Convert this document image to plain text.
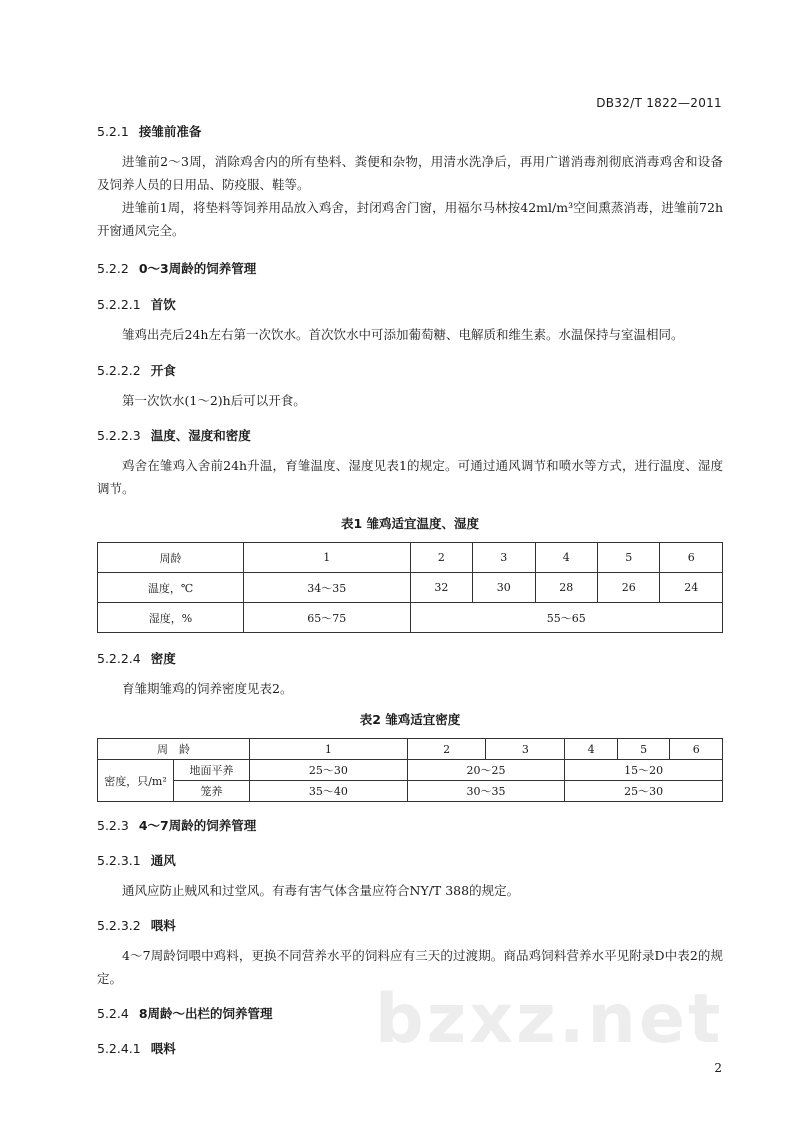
DB32/T 1822—2011
5.2.1 接雏前准备

进雏前2～3周，消除鸡舍内的所有垫料、粪便和杂物，用清水洗净后，再用广谱消毒剂彻底消毒鸡舍和设备及饲养人员的日用品、防疫服、鞋等。

进雏前1周，将垫料等饲养用品放入鸡舍，封闭鸡舍门窗，用福尔马林按42ml/m³空间熏蒸消毒，进雏前72h开窗通风完全。

5.2.2 0～3周龄的饲养管理
5.2.2.1 首饮

雏鸡出壳后24h左右第一次饮水。首次饮水中可添加葡萄糖、电解质和维生素。水温保持与室温相同。

5.2.2.2 开食

第一次饮水(1～2)h后可以开食。

5.2.2.3 温度、湿度和密度

鸡舍在雏鸡入舍前24h升温，育雏温度、湿度见表1的规定。可通过通风调节和喷水等方式，进行温度、湿度调节。

表1 雏鸡适宜温度、湿度

周龄	1	2	3	4	5	6
温度，℃	34～35	32	30	28	26	24
湿度，%	65～75	55～65				
5.2.2.4 密度

育雏期雏鸡的饲养密度见表2。

表2 雏鸡适宜密度

周　龄		1	2	3	4	5	6
密度，只/m²	地面平养	25～30	20～25		15～20		
	笼养	35～40	30～35		25～30		
5.2.3 4～7周龄的饲养管理
5.2.3.1 通风

通风应防止贼风和过堂风。有毒有害气体含量应符合NY/T 388的规定。

5.2.3.2 喂料

4～7周龄饲喂中鸡料，更换不同营养水平的饲料应有三天的过渡期。商品鸡饲料营养水平见附录D中表2的规定。

5.2.4 8周龄～出栏的饲养管理
5.2.4.1 喂料	bzxz.net
2
